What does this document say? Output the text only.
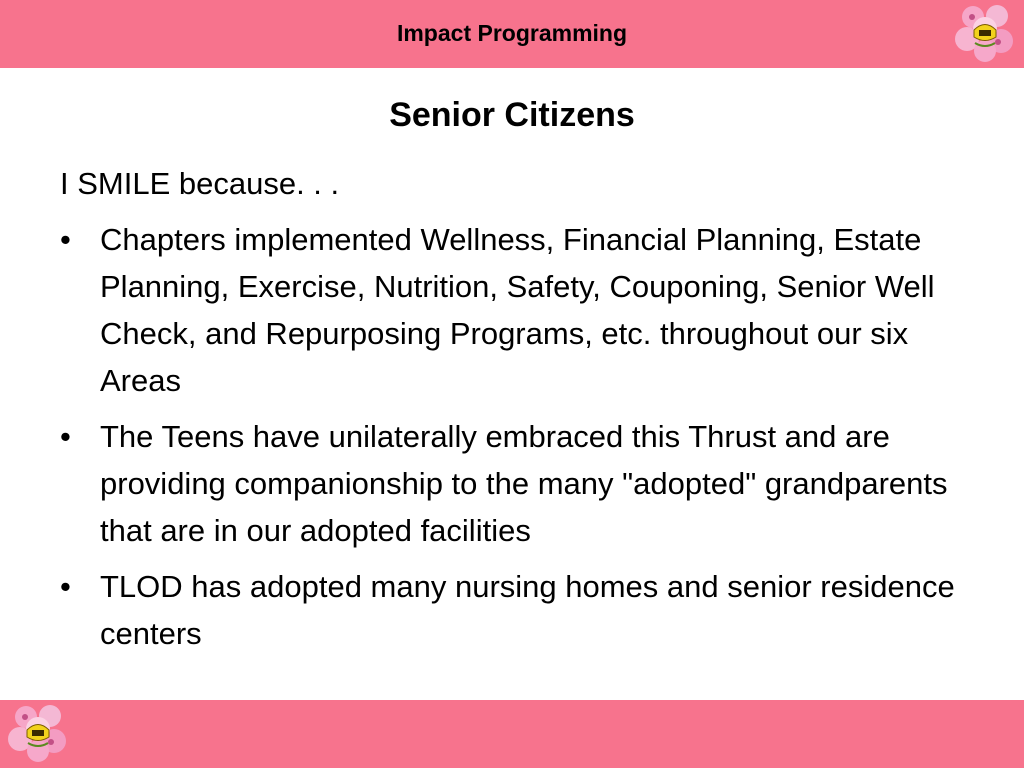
Impact Programming
Senior Citizens

I SMILE because. . .

• Chapters implemented Wellness, Financial Planning, Estate Planning, Exercise, Nutrition, Safety, Couponing, Senior Well Check, and Repurposing Programs, etc. throughout our six Areas
• The Teens have unilaterally embraced this Thrust and are providing companionship to the many "adopted" grandparents that are in our adopted facilities
• TLOD has adopted many nursing homes and senior residence centers
